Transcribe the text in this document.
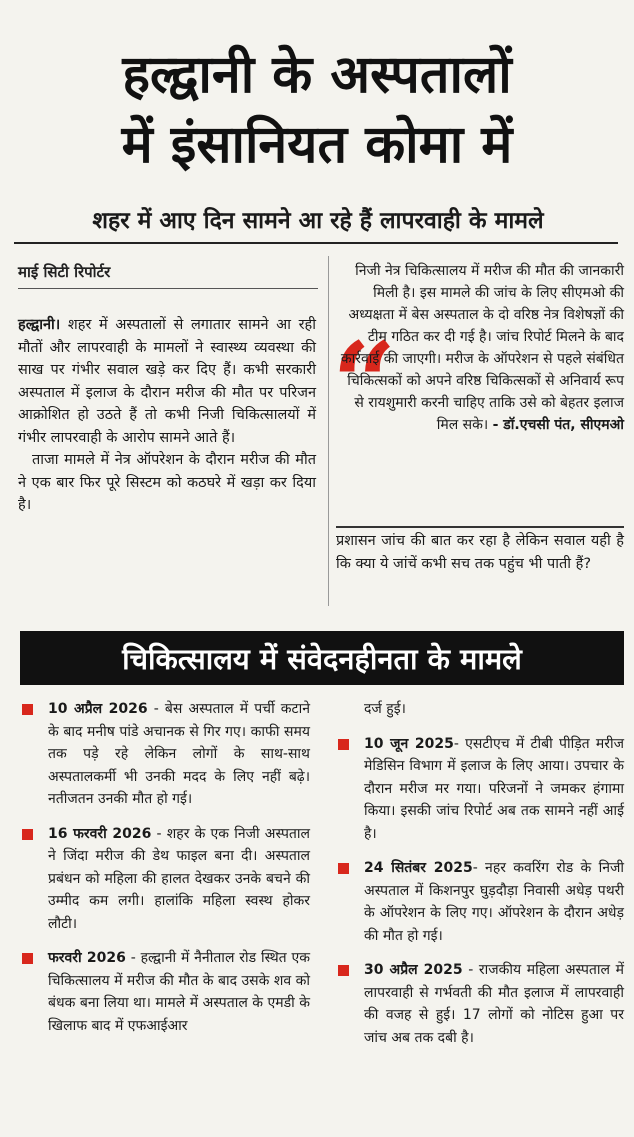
हल्द्वानी के अस्पतालों
में इंसानियत कोमा में
शहर में आए दिन सामने आ रहे हैं लापरवाही के मामले
माई सिटी रिपोर्टर

हल्द्वानी। शहर में अस्पतालों से लगातार सामने आ रही मौतों और लापरवाही के मामलों ने स्वास्थ्य व्यवस्था की साख पर गंभीर सवाल खड़े कर दिए हैं। कभी सरकारी अस्पताल में इलाज के दौरान मरीज की मौत पर परिजन आक्रोशित हो उठते हैं तो कभी निजी चिकित्सालयों में गंभीर लापरवाही के आरोप सामने आते हैं।

ताजा मामले में नेत्र ऑपरेशन के दौरान मरीज की मौत ने एक बार फिर पूरे सिस्टम को कठघरे में खड़ा कर दिया है।

“
निजी नेत्र चिकित्सालय में मरीज की मौत की जानकारी मिली है। इस मामले की जांच के लिए सीएमओ की अध्यक्षता में बेस अस्पताल के दो वरिष्ठ नेत्र विशेषज्ञों की टीम गठित कर दी गई है। जांच रिपोर्ट मिलने के बाद कार्रवाई की जाएगी। मरीज के ऑपरेशन से पहले संबंधित चिकित्सकों को अपने वरिष्ठ चिकित्सकों से अनिवार्य रूप से रायशुमारी करनी चाहिए ताकि उसे को बेहतर इलाज मिल सके। - डॉ.एचसी पंत, सीएमओ
प्रशासन जांच की बात कर रहा है लेकिन सवाल यही है कि क्या ये जांचें कभी सच तक पहुंच भी पाती हैं?
चिकित्सालय में संवेदनहीनता के मामले
10 अप्रैल 2026 - बेस अस्पताल में पर्ची कटाने के बाद मनीष पांडे अचानक से गिर गए। काफी समय तक पड़े रहे लेकिन लोगों के साथ-साथ अस्पतालकर्मी भी उनकी मदद के लिए नहीं बढ़े। नतीजतन उनकी मौत हो गई।
16 फरवरी 2026 - शहर के एक निजी अस्पताल ने जिंदा मरीज की डेथ फाइल बना दी। अस्पताल प्रबंधन को महिला की हालत देखकर उनके बचने की उम्मीद कम लगी। हालांकि महिला स्वस्थ होकर लौटी।
फरवरी 2026 - हल्द्वानी में नैनीताल रोड स्थित एक चिकित्सालय में मरीज की मौत के बाद उसके शव को बंधक बना लिया था। मामले में अस्पताल के एमडी के खिलाफ बाद में एफआईआर
दर्ज हुई।
10 जून 2025- एसटीएच में टीबी पीड़ित मरीज मेडिसिन विभाग में इलाज के लिए आया। उपचार के दौरान मरीज मर गया। परिजनों ने जमकर हंगामा किया। इसकी जांच रिपोर्ट अब तक सामने नहीं आई है।
24 सितंबर 2025- नहर कवरिंग रोड के निजी अस्पताल में किशनपुर घुड़दौड़ा निवासी अधेड़ पथरी के ऑपरेशन के लिए गए। ऑपरेशन के दौरान अधेड़ की मौत हो गई।
30 अप्रैल 2025 - राजकीय महिला अस्पताल में लापरवाही से गर्भवती की मौत इलाज में लापरवाही की वजह से हुई। 17 लोगों को नोटिस हुआ पर जांच अब तक दबी है।
